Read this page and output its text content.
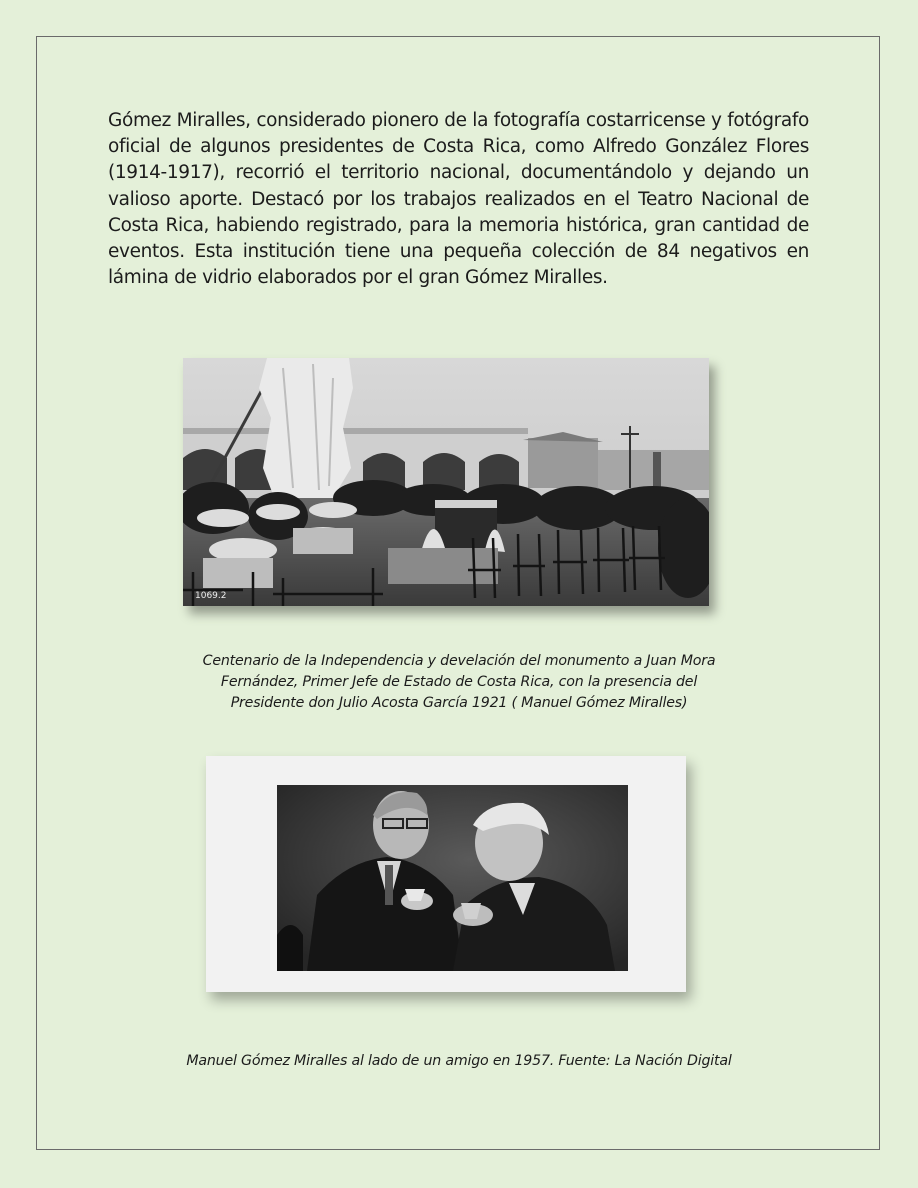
Gómez Miralles, considerado pionero de la fotografía costarricense y fotógrafo oficial de algunos presidentes de Costa Rica, como Alfredo González Flores (1914-1917), recorrió el territorio nacional, documentándolo y dejando un valioso aporte. Destacó por los trabajos realizados en el Teatro Nacional de Costa Rica, habiendo registrado, para la memoria histórica, gran cantidad de eventos. Esta institución tiene una pequeña colección de 84 negativos en lámina de vidrio elaborados por el gran Gómez Miralles.

1069.2

Centenario de la Independencia y develación del monumento a Juan Mora
Fernández, Primer Jefe de Estado de Costa Rica, con la presencia del
Presidente don Julio Acosta García 1921 ( Manuel Gómez Miralles)

Manuel Gómez Miralles al lado de un amigo en 1957. Fuente: La Nación Digital
